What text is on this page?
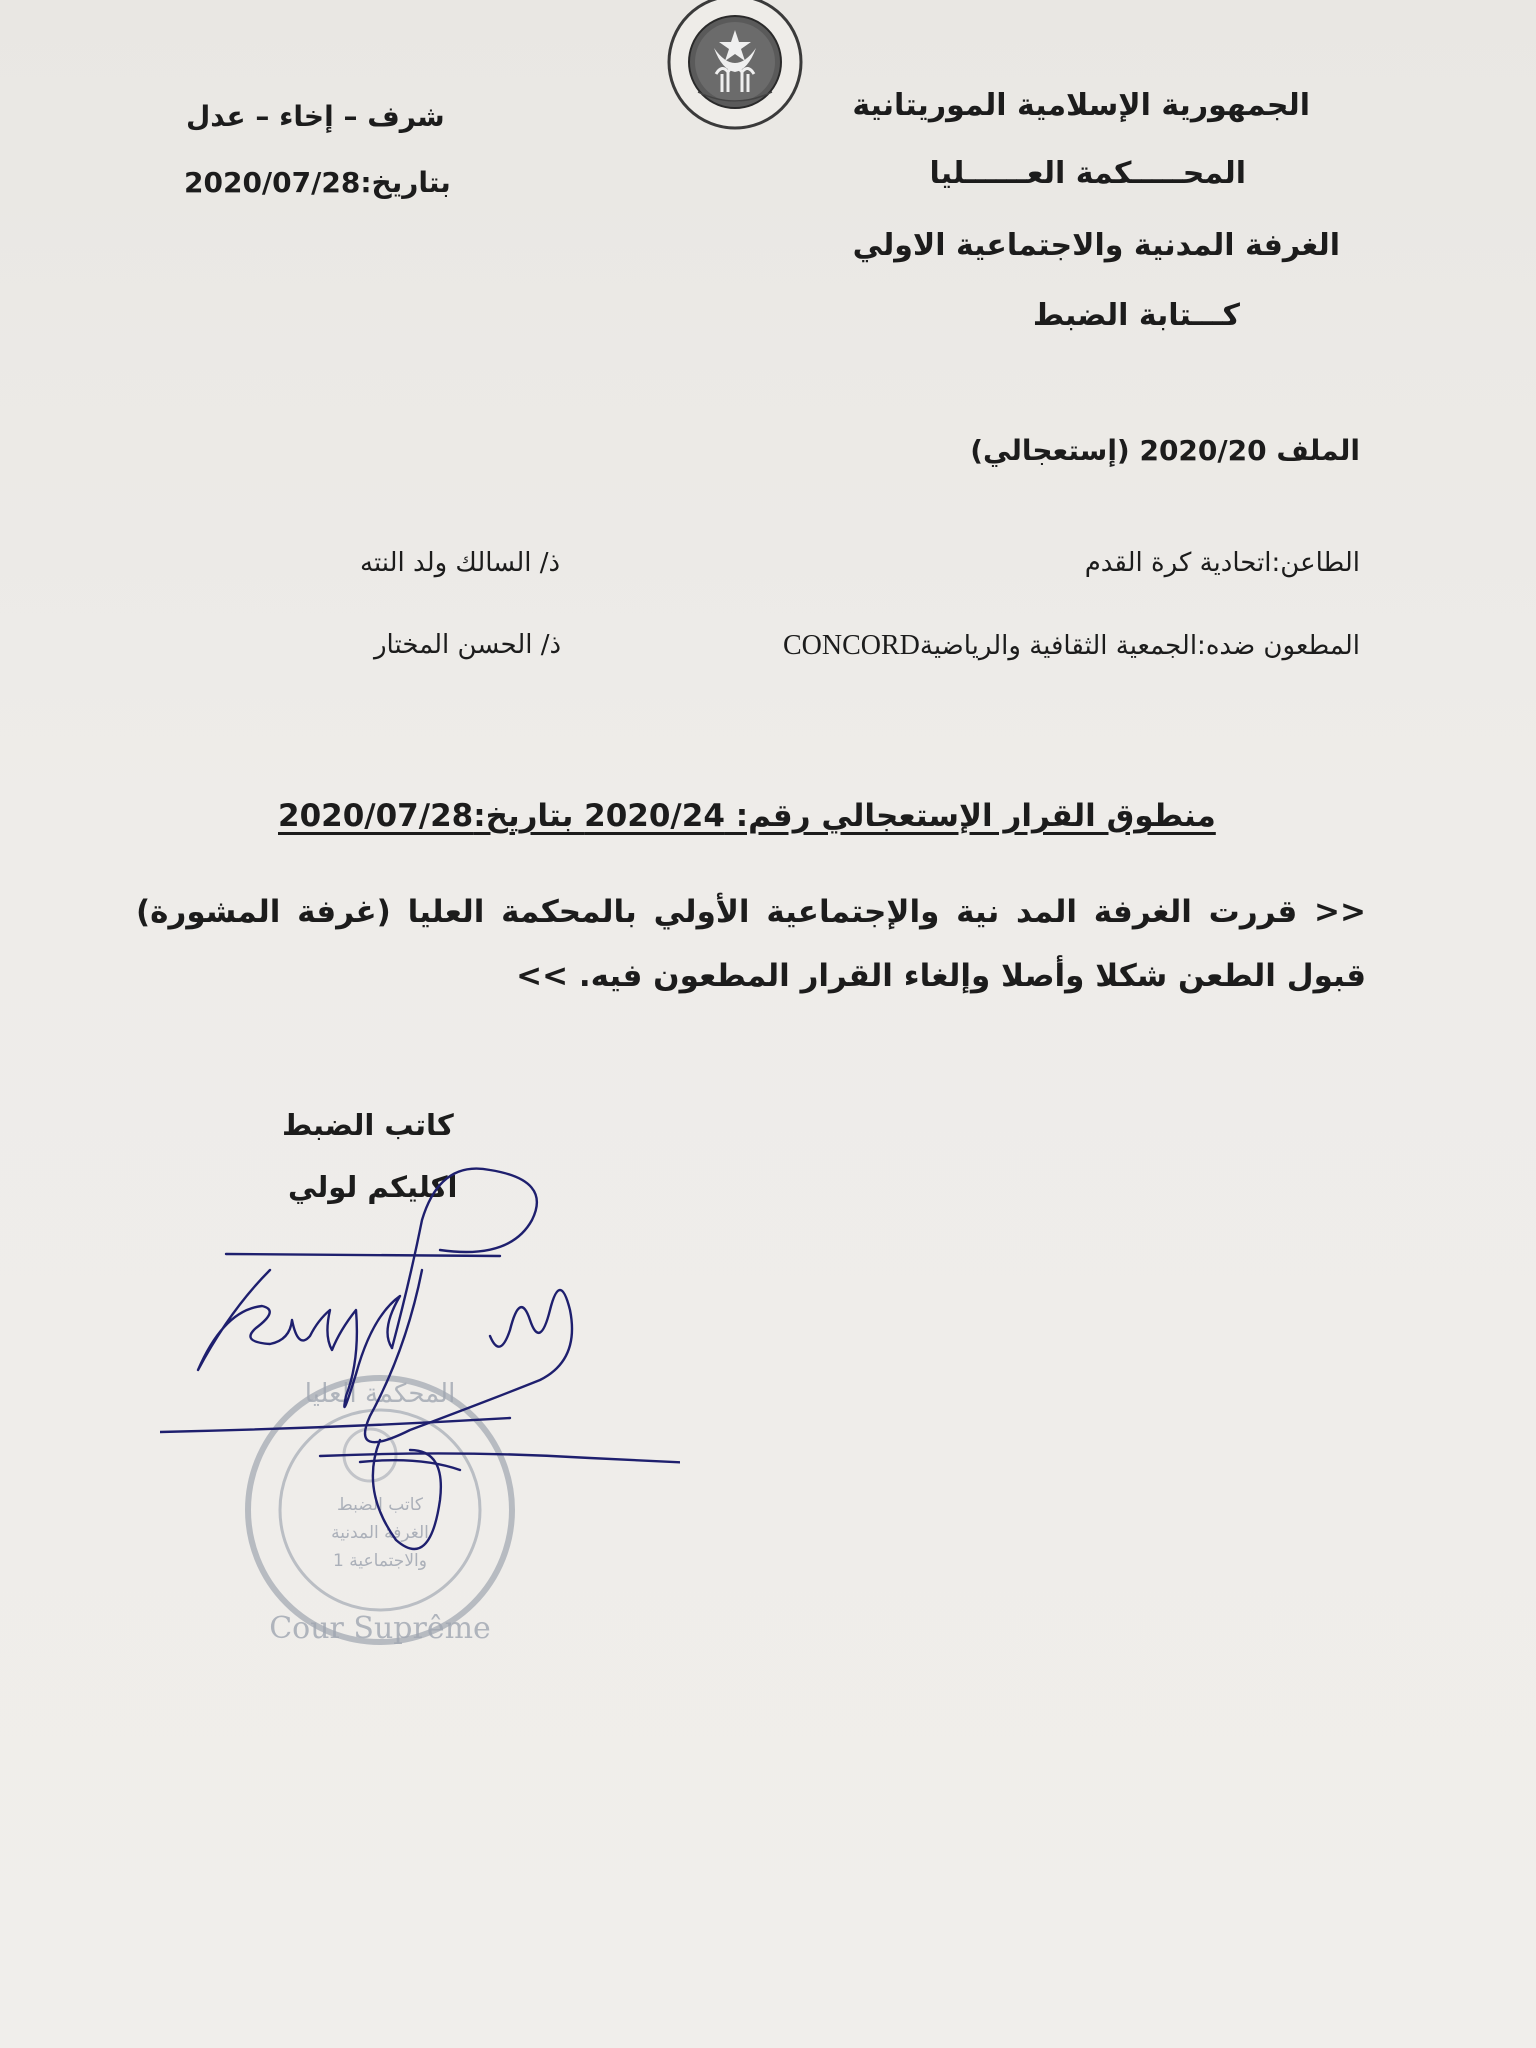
الجمهورية الإسلامية الموريتانية
المحـــــكمة العــــــليا
الغرفة المدنية والاجتماعية الاولي
كـــتابة الضبط
شرف – إخاء – عدل
بتاريخ:2020/07/28
الملف 2020/20 (إستعجالي)
الطاعن:اتحادية كرة القدم
ذ/ السالك ولد النته
CONCORDالمطعون ضده:الجمعية الثقافية والرياضية
ذ/ الحسن المختار
منطوق القرار الإستعجالي رقم: 2020/24 بتاريخ:2020/07/28
<< قررت الغرفة المد نية والإجتماعية الأولي بالمحكمة العليا (غرفة المشورة) قبول الطعن شكلا وأصلا وإلغاء القرار المطعون فيه. >>
المحكمة العليا
Cour Suprême
كاتب الضبط
الغرفة المدنية
والاجتماعية 1
كاتب الضبط
اكليكم لولي
